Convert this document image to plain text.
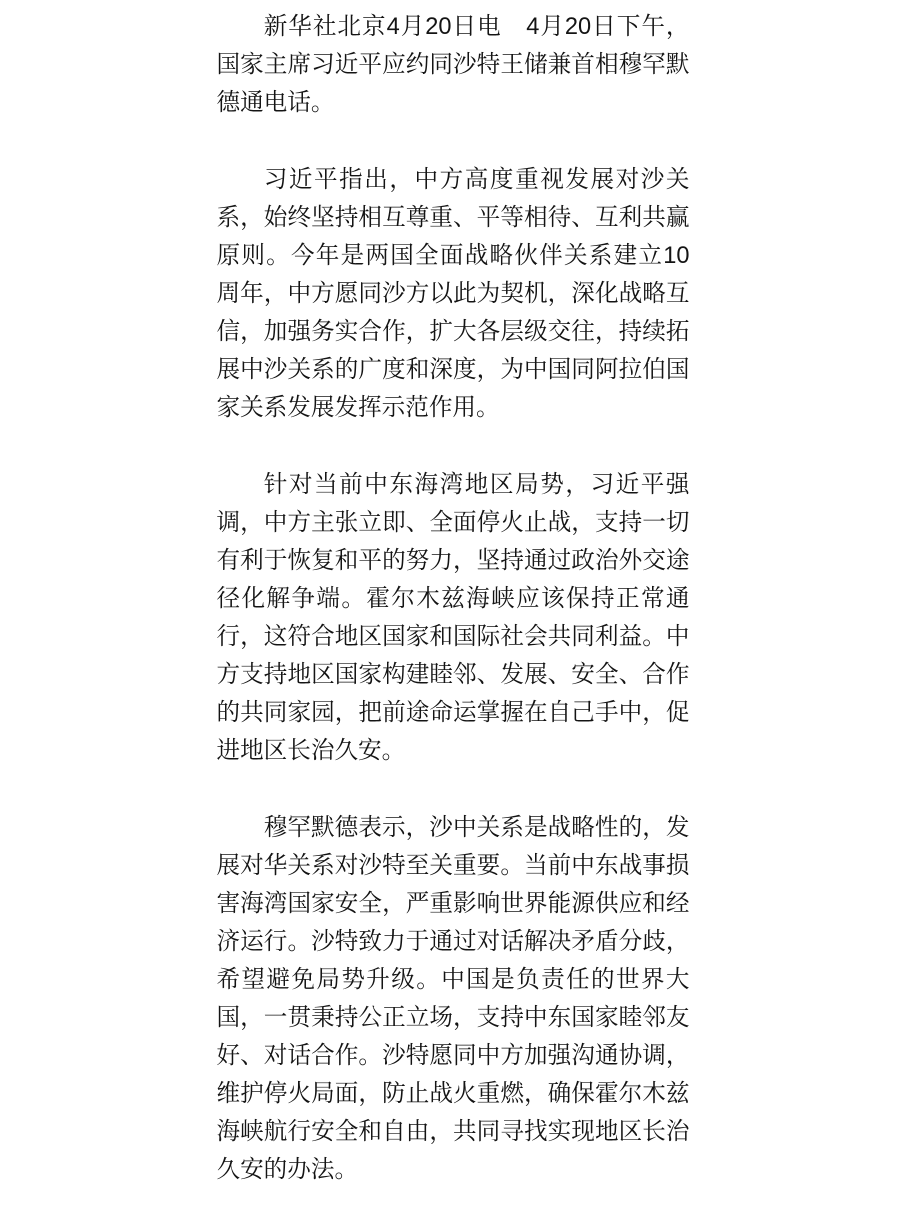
新华社北京4月20日电　4月20日下午，国家主席习近平应约同沙特王储兼首相穆罕默德通电话。

习近平指出，中方高度重视发展对沙关系，始终坚持相互尊重、平等相待、互利共赢原则。今年是两国全面战略伙伴关系建立10周年，中方愿同沙方以此为契机，深化战略互信，加强务实合作，扩大各层级交往，持续拓展中沙关系的广度和深度，为中国同阿拉伯国家关系发展发挥示范作用。

针对当前中东海湾地区局势，习近平强调，中方主张立即、全面停火止战，支持一切有利于恢复和平的努力，坚持通过政治外交途径化解争端。霍尔木兹海峡应该保持正常通行，这符合地区国家和国际社会共同利益。中方支持地区国家构建睦邻、发展、安全、合作的共同家园，把前途命运掌握在自己手中，促进地区长治久安。

穆罕默德表示，沙中关系是战略性的，发展对华关系对沙特至关重要。当前中东战事损害海湾国家安全，严重影响世界能源供应和经济运行。沙特致力于通过对话解决矛盾分歧，希望避免局势升级。中国是负责任的世界大国，一贯秉持公正立场，支持中东国家睦邻友好、对话合作。沙特愿同中方加强沟通协调，维护停火局面，防止战火重燃，确保霍尔木兹海峡航行安全和自由，共同寻找实现地区长治久安的办法。
